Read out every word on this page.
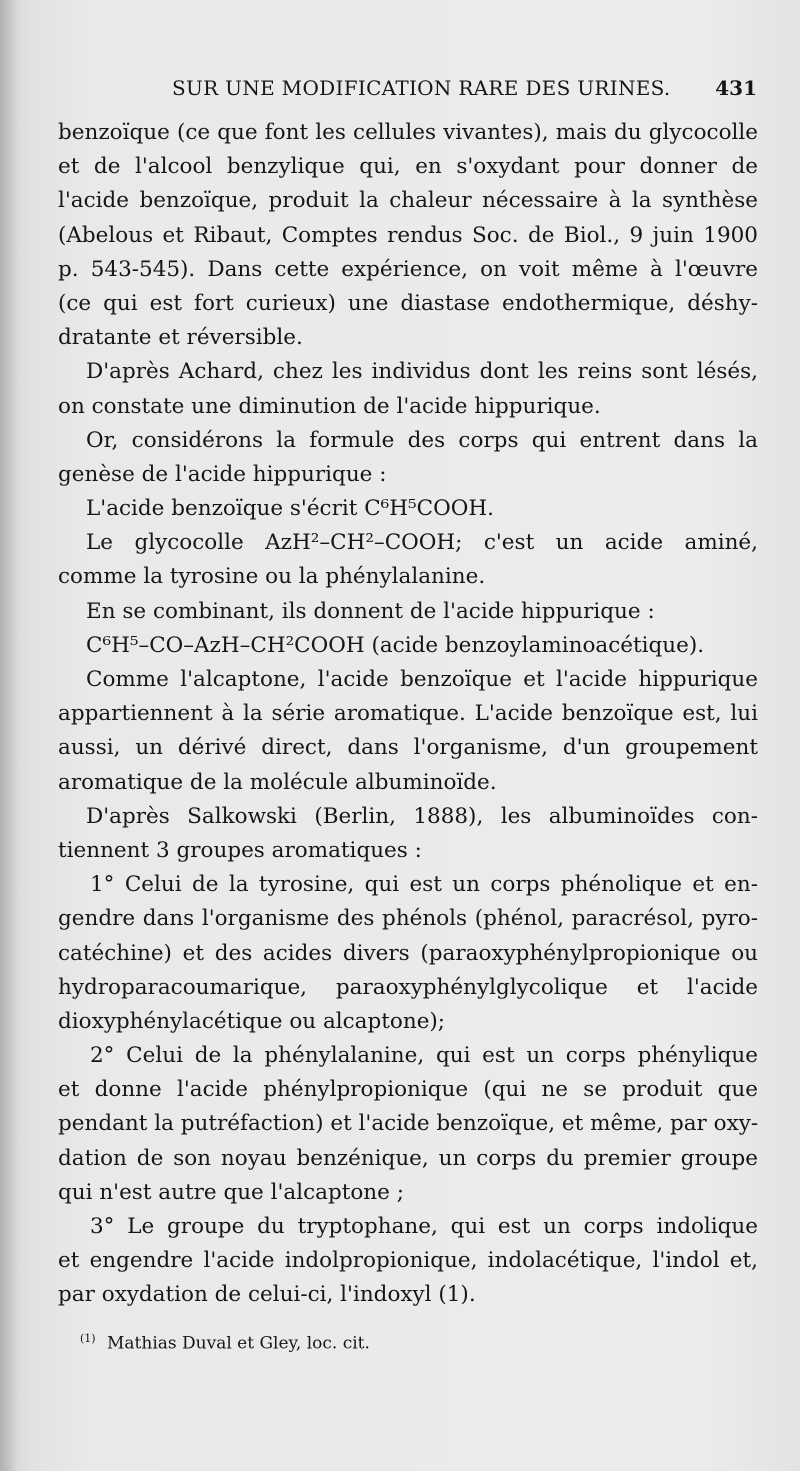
SUR UNE MODIFICATION RARE DES URINES. 431
benzoïque (ce que font les cellules vivantes), mais du glycocolle
et de l'alcool benzylique qui, en s'oxydant pour donner de
l'acide benzoïque, produit la chaleur nécessaire à la synthèse
(Abelous et Ribaut, Comptes rendus Soc. de Biol., 9 juin 1900
p. 543-545). Dans cette expérience, on voit même à l'œuvre
(ce qui est fort curieux) une diastase endothermique, déshy-
dratante et réversible.
D'après Achard, chez les individus dont les reins sont lésés,
on constate une diminution de l'acide hippurique.
Or, considérons la formule des corps qui entrent dans la
genèse de l'acide hippurique :
L'acide benzoïque s'écrit C⁶H⁵COOH.
Le glycocolle AzH²–CH²–COOH; c'est un acide aminé,
comme la tyrosine ou la phénylalanine.
En se combinant, ils donnent de l'acide hippurique :
C⁶H⁵–CO–AzH–CH²COOH (acide benzoylaminoacétique).
Comme l'alcaptone, l'acide benzoïque et l'acide hippurique
appartiennent à la série aromatique. L'acide benzoïque est, lui
aussi, un dérivé direct, dans l'organisme, d'un groupement
aromatique de la molécule albuminoïde.
D'après Salkowski (Berlin, 1888), les albuminoïdes con-
tiennent 3 groupes aromatiques :
1° Celui de la tyrosine, qui est un corps phénolique et en-
gendre dans l'organisme des phénols (phénol, paracrésol, pyro-
catéchine) et des acides divers (paraoxyphénylpropionique ou
hydroparacoumarique, paraoxyphénylglycolique et l'acide
dioxyphénylacétique ou alcaptone);
2° Celui de la phénylalanine, qui est un corps phénylique
et donne l'acide phénylpropionique (qui ne se produit que
pendant la putréfaction) et l'acide benzoïque, et même, par oxy-
dation de son noyau benzénique, un corps du premier groupe
qui n'est autre que l'alcaptone ;
3° Le groupe du tryptophane, qui est un corps indolique
et engendre l'acide indolpropionique, indolacétique, l'indol et,
par oxydation de celui-ci, l'indoxyl (1).
$^{(1)}$ Mathias Duval et Gley, loc. cit.
